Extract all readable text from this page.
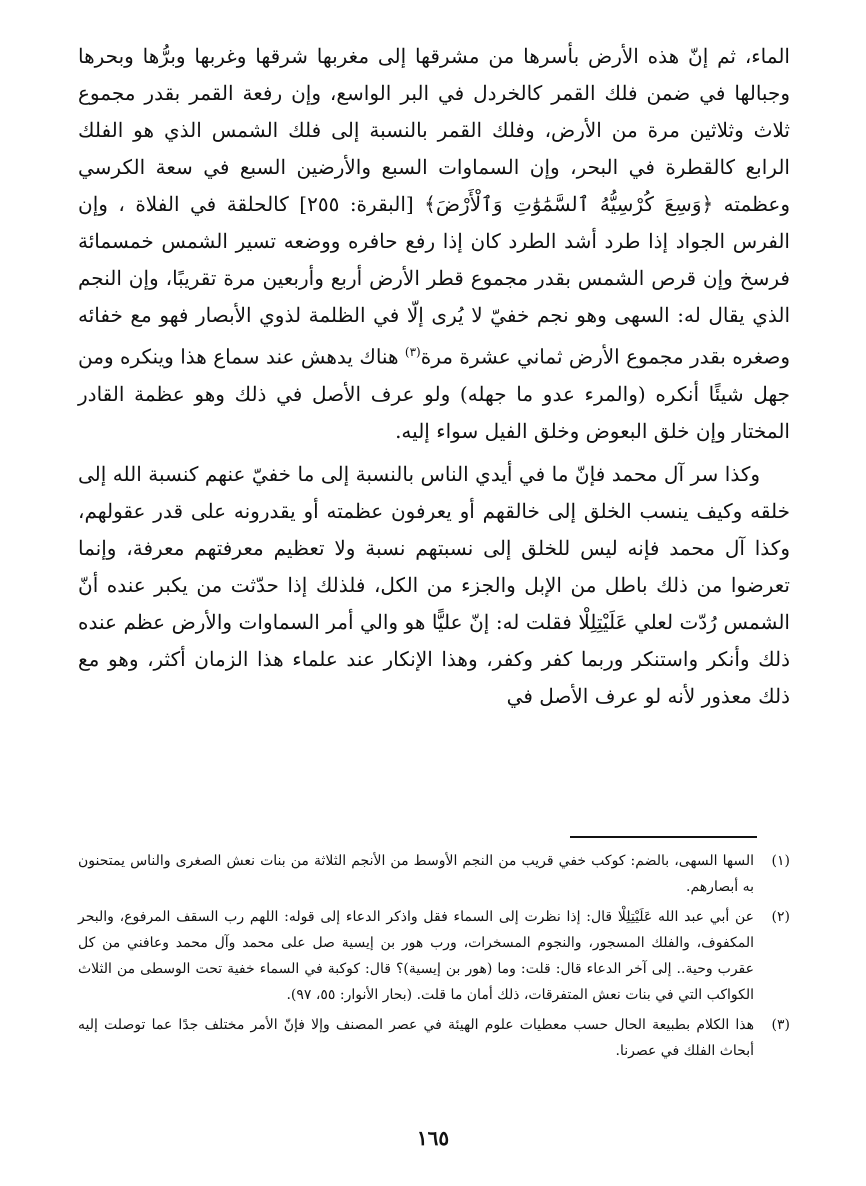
الماء، ثم إنّ هذه الأرض بأسرها من مشرقها إلى مغربها شرقها وغربها وبرُّها وبحرها وجبالها في ضمن فلك القمر كالخردل في البر الواسع، وإن رفعة القمر بقدر مجموع ثلاث وثلاثين مرة من الأرض، وفلك القمر بالنسبة إلى فلك الشمس الذي هو الفلك الرابع كالقطرة في البحر، وإن السماوات السبع والأرضين السبع في سعة الكرسي وعظمته ﴿وَسِعَ كُرْسِيُّهُ ٱلسَّمَٰوَٰتِ وَٱلْأَرْضَ﴾ [البقرة: ٢٥٥] كالحلقة في الفلاة ، وإن الفرس الجواد إذا طرد أشد الطرد كان إذا رفع حافره ووضعه تسير الشمس خمسمائة فرسخ وإن قرص الشمس بقدر مجموع قطر الأرض أربع وأربعين مرة تقريبًا، وإن النجم الذي يقال له: السهى وهو نجم خفيّ لا يُرى إلّا في الظلمة لذوي الأبصار فهو مع خفائه وصغره بقدر مجموع الأرض ثماني عشرة مرة$^{(٣)}$ هناك يدهش عند سماع هذا وينكره ومن جهل شيئًا أنكره (والمرء عدو ما جهله) ولو عرف الأصل في ذلك وهو عظمة القادر المختار وإن خلق البعوض وخلق الفيل سواء إليه.

وكذا سر آل محمد فإنّ ما في أيدي الناس بالنسبة إلى ما خفيّ عنهم كنسبة الله إلى خلقه وكيف ينسب الخلق إلى خالقهم أو يعرفون عظمته أو يقدرونه على قدر عقولهم، وكذا آل محمد فإنه ليس للخلق إلى نسبتهم نسبة ولا تعظيم معرفتهم معرفة، وإنما تعرضوا من ذلك باطل من الإبل والجزء من الكل، فلذلك إذا حدّثت من يكبر عنده أنّ الشمس رُدّت لعلي عَلَيْتِلِلْا فقلت له: إنّ عليًّا هو والي أمر السماوات والأرض عظم عنده ذلك وأنكر واستنكر وربما كفر وكفر، وهذا الإنكار عند علماء هذا الزمان أكثر، وهو مع ذلك معذور لأنه لو عرف الأصل في

(١)
السها السهى، بالضم: كوكب خفي قريب من النجم الأوسط من الأنجم الثلاثة من بنات نعش الصغرى والناس يمتحنون به أبصارهم.
(٢)
عن أبي عبد الله عَلَيْتِلِلْا قال: إذا نظرت إلى السماء فقل واذكر الدعاء إلى قوله: اللهم رب السقف المرفوع، والبحر المكفوف، والفلك المسجور، والنجوم المسخرات، ورب هور بن إيسية صل على محمد وآل محمد وعافني من كل عقرب وحية.. إلى آخر الدعاء قال: قلت: وما (هور بن إيسية)؟ قال: كوكبة في السماء خفية تحت الوسطى من الثلاث الكواكب التي في بنات نعش المتفرقات، ذلك أمان ما قلت. (بحار الأنوار: ٥٥، ٩٧).
(٣)
هذا الكلام بطبيعة الحال حسب معطيات علوم الهيئة في عصر المصنف وإلا فإنّ الأمر مختلف جدًا عما توصلت إليه أبحاث الفلك في عصرنا.
١٦٥
